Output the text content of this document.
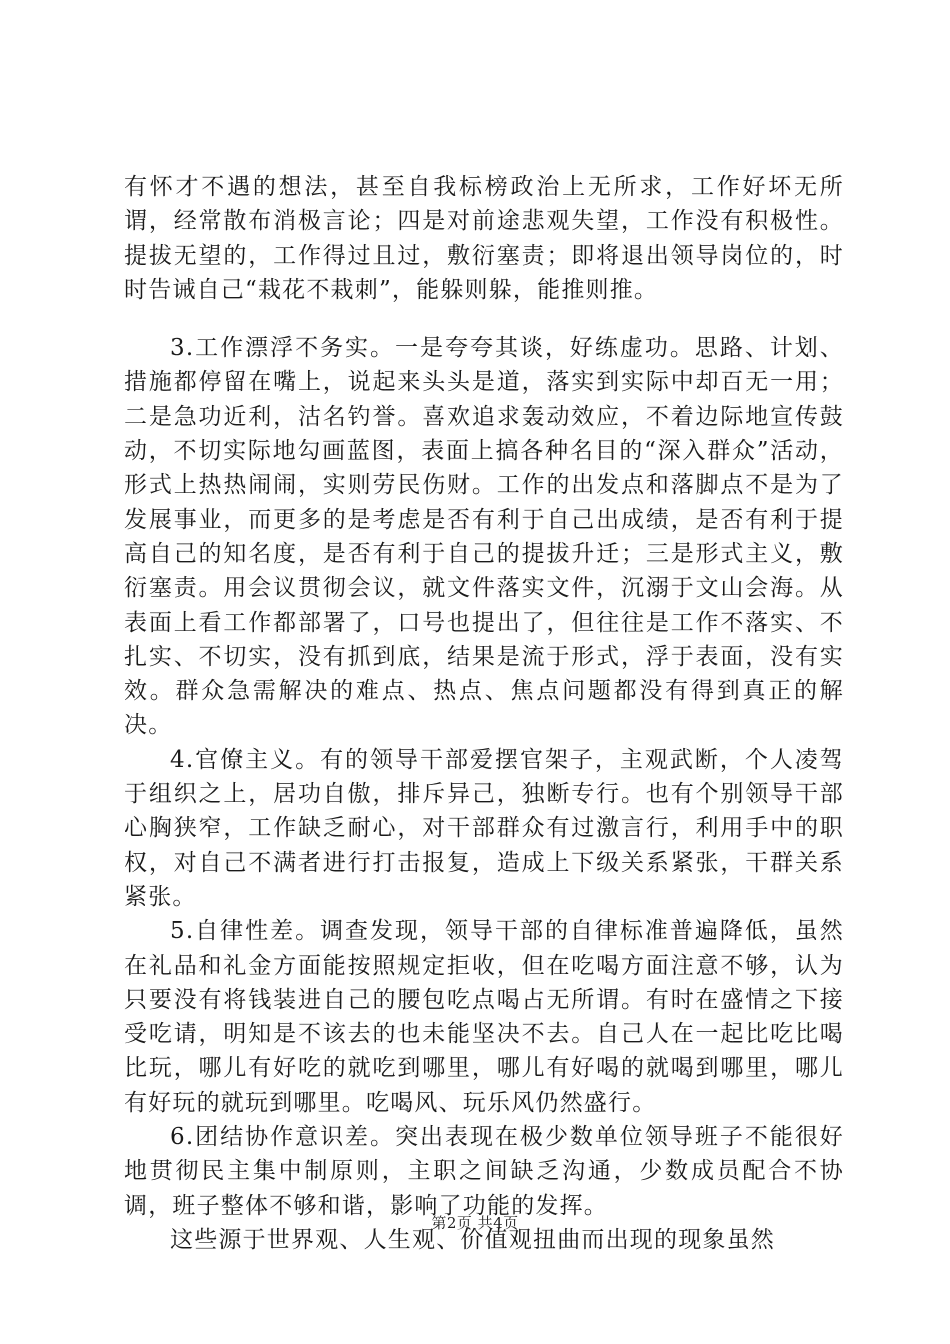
有怀才不遇的想法，甚至自我标榜政治上无所求，工作好坏无所谓，经常散布消极言论；四是对前途悲观失望，工作没有积极性。提拔无望的，工作得过且过，敷衍塞责；即将退出领导岗位的，时时告诫自己“栽花不栽刺”，能躲则躲，能推则推。

3.工作漂浮不务实。一是夸夸其谈，好练虚功。思路、计划、措施都停留在嘴上，说起来头头是道，落实到实际中却百无一用；二是急功近利，沽名钓誉。喜欢追求轰动效应，不着边际地宣传鼓动，不切实际地勾画蓝图，表面上搞各种名目的“深入群众”活动，形式上热热闹闹，实则劳民伤财。工作的出发点和落脚点不是为了发展事业，而更多的是考虑是否有利于自己出成绩，是否有利于提高自己的知名度，是否有利于自己的提拔升迁；三是形式主义，敷衍塞责。用会议贯彻会议，就文件落实文件，沉溺于文山会海。从表面上看工作都部署了，口号也提出了，但往往是工作不落实、不扎实、不切实，没有抓到底，结果是流于形式，浮于表面，没有实效。群众急需解决的难点、热点、焦点问题都没有得到真正的解决。

4.官僚主义。有的领导干部爱摆官架子，主观武断，个人凌驾于组织之上，居功自傲，排斥异己，独断专行。也有个别领导干部心胸狭窄，工作缺乏耐心，对干部群众有过激言行，利用手中的职权，对自己不满者进行打击报复，造成上下级关系紧张，干群关系紧张。

5.自律性差。调查发现，领导干部的自律标准普遍降低，虽然在礼品和礼金方面能按照规定拒收，但在吃喝方面注意不够，认为只要没有将钱装进自己的腰包吃点喝占无所谓。有时在盛情之下接受吃请，明知是不该去的也未能坚决不去。自己人在一起比吃比喝比玩，哪儿有好吃的就吃到哪里，哪儿有好喝的就喝到哪里，哪儿有好玩的就玩到哪里。吃喝风、玩乐风仍然盛行。

6.团结协作意识差。突出表现在极少数单位领导班子不能很好地贯彻民主集中制原则，主职之间缺乏沟通，少数成员配合不协调，班子整体不够和谐，影响了功能的发挥。

这些源于世界观、人生观、价值观扭曲而出现的现象虽然

第2页 共4页
